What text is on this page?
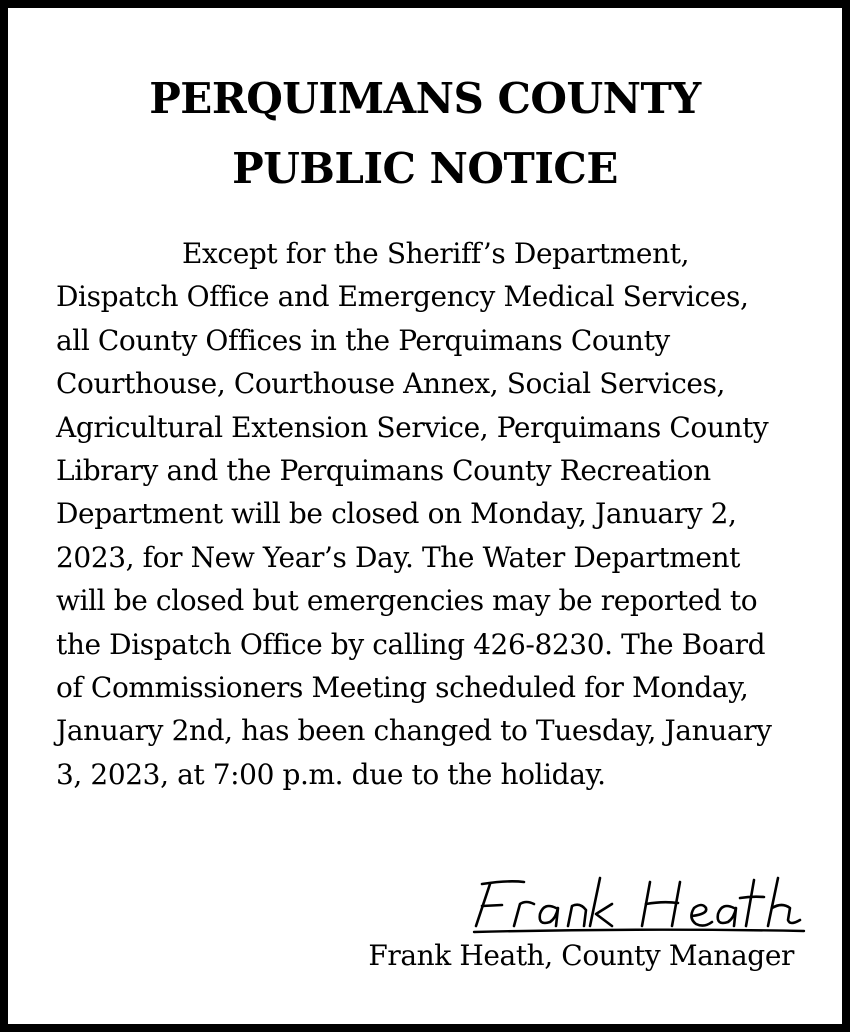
PERQUIMANS COUNTY
PUBLIC NOTICE

Except for the Sheriff’s Department,
Dispatch Office and Emergency Medical Services,
all County Offices in the Perquimans County
Courthouse, Courthouse Annex, Social Services,
Agricultural Extension Service, Perquimans County
Library and the Perquimans County Recreation
Department will be closed on Monday, January 2,
2023, for New Year’s Day. The Water Department
will be closed but emergencies may be reported to
the Dispatch Office by calling 426-8230. The Board
of Commissioners Meeting scheduled for Monday,
January 2nd, has been changed to Tuesday, January
3, 2023, at 7:00 p.m. due to the holiday.

Frank Heath, County Manager
